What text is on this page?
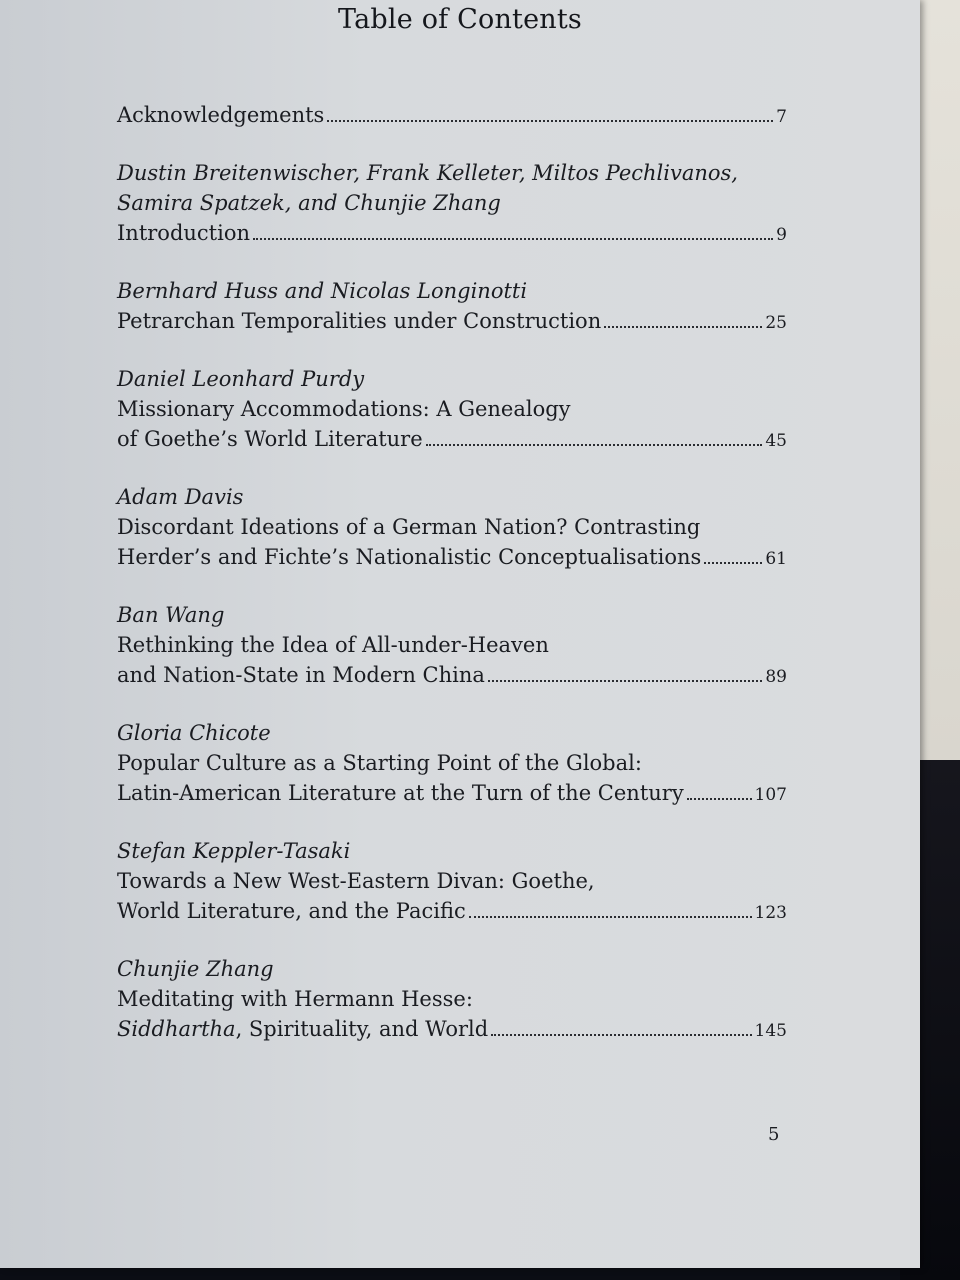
Table of Contents
Acknowledgements	7
Dustin Breitenwischer, Frank Kelleter, Miltos Pechlivanos,
Samira Spatzek, and Chunjie Zhang
Introduction	9
Bernhard Huss and Nicolas Longinotti
Petrarchan Temporalities under Construction	25
Daniel Leonhard Purdy
Missionary Accommodations: A Genealogy
of Goethe’s World Literature	45
Adam Davis
Discordant Ideations of a German Nation? Contrasting
Herder’s and Fichte’s Nationalistic Conceptualisations	61
Ban Wang
Rethinking the Idea of All-under-Heaven
and Nation-State in Modern China	89
Gloria Chicote
Popular Culture as a Starting Point of the Global:
Latin-American Literature at the Turn of the Century	107
Stefan Keppler-Tasaki
Towards a New West-Eastern Divan: Goethe,
World Literature, and the Pacific	123
Chunjie Zhang
Meditating with Hermann Hesse:
Siddhartha, Spirituality, and World	145
5
